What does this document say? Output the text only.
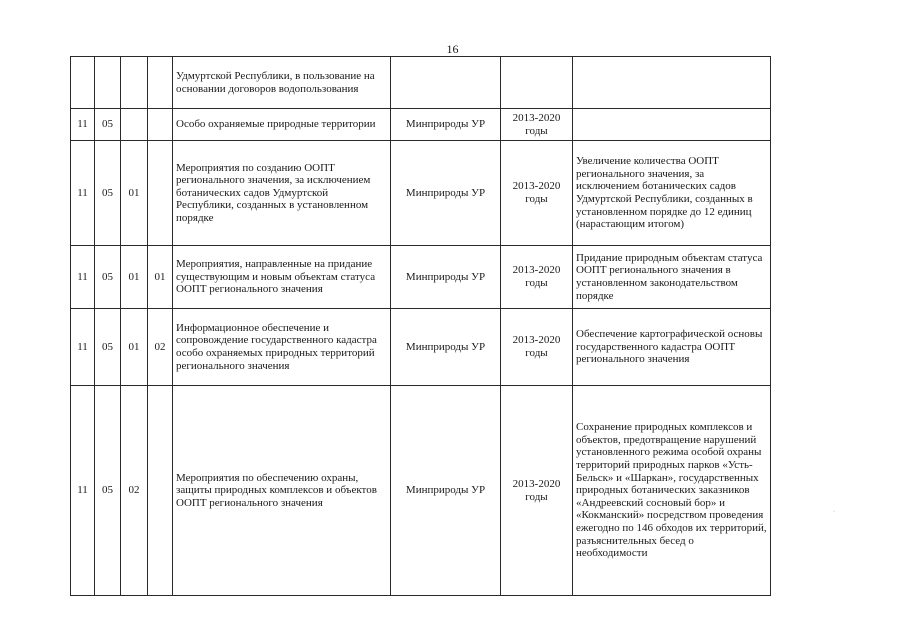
16
				Удмуртской Республики, в пользование на основании договоров водопользования			
11	05			Особо охраняемые природные территории	Минприроды УР	2013-2020 годы	
11	05	01		Мероприятия по созданию ООПТ регионального значения, за исключением ботанических садов Удмуртской Республики, созданных в установленном порядке	Минприроды УР	2013-2020 годы	Увеличение количества ООПТ регионального значения, за исключением ботанических садов Удмуртской Республики, созданных в установленном порядке до 12 единиц (нарастающим итогом)
11	05	01	01	Мероприятия, направленные на придание существующим и новым объектам статуса ООПТ регионального значения	Минприроды УР	2013-2020 годы	Придание природным объектам статуса ООПТ регионального значения в установленном законодательством порядке
11	05	01	02	Информационное обеспечение и сопровождение государственного кадастра особо охраняемых природных территорий регионального значения	Минприроды УР	2013-2020 годы	Обеспечение картографической основы государственного кадастра ООПТ регионального значения
11	05	02		Мероприятия по обеспечению охраны, защиты природных комплексов и объектов ООПТ регионального значения	Минприроды УР	2013-2020 годы	Сохранение природных комплексов и объектов, предотвращение нарушений установленного режима особой охраны территорий природных парков «Усть-Бельск» и «Шаркан», государственных природных ботанических заказников «Андреевский сосновый бор» и «Кокманский» посредством проведения ежегодно по 146 обходов их территорий, разъяснительных бесед о необходимости
·
